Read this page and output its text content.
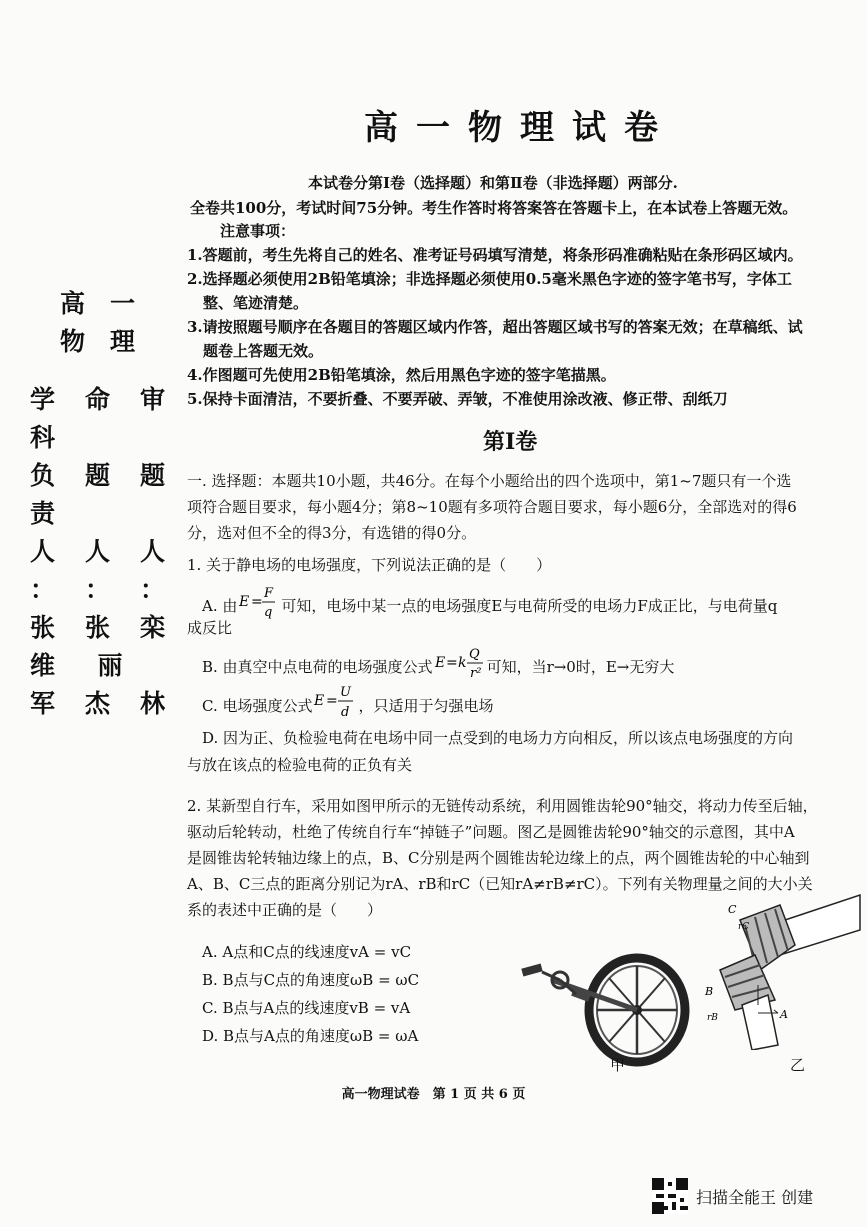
高一物理试卷
本试卷分第Ⅰ卷（选择题）和第Ⅱ卷（非选择题）两部分.
全卷共100分，考试时间75分钟。考生作答时将答案答在答题卡上，在本试卷上答题无效。
注意事项：
1.答题前，考生先将自己的姓名、准考证号码填写清楚，将条形码准确粘贴在条形码区域内。
2.选择题必须使用2B铅笔填涂；非选择题必须使用0.5毫米黑色字迹的签字笔书写，字体工
整、笔迹清楚。
3.请按照题号顺序在各题目的答题区域内作答，超出答题区域书写的答案无效；在草稿纸、试
题卷上答题无效。
4.作图题可先使用2B铅笔填涂，然后用黑色字迹的签字笔描黑。
5.保持卡面清洁，不要折叠、不要弄破、弄皱，不准使用涂改液、修正带、刮纸刀
高 一
物 理
学 命 审
科
负 题 题
责
人 人 人
： ： ：
张 张 栾
维 丽
军 杰 林
第Ⅰ卷
一. 选择题：本题共10小题，共46分。在每个小题给出的四个选项中，第1~7题只有一个选
项符合题目要求，每小题4分；第8~10题有多项符合题目要求，每小题6分，全部选对的得6
分，选对但不全的得3分，有选错的得0分。
1. 关于静电场的电场强度，下列说法正确的是（　　）
A. 由 E =
F
q 可知，电场中某一点的电场强度E与电荷所受的电场力F成正比，与电荷量q
成反比
B. 由真空中点电荷的电场强度公式 E = k
Q
r² 可知，当r→0时，E→无穷大
C. 电场强度公式 E =
U
d ，只适用于匀强电场
D. 因为正、负检验电荷在电场中同一点受到的电场力方向相反，所以该点电场强度的方向
与放在该点的检验电荷的正负有关
2. 某新型自行车，采用如图甲所示的无链传动系统，利用圆锥齿轮90°轴交，将动力传至后轴，
驱动后轮转动，杜绝了传统自行车“掉链子”问题。图乙是圆锥齿轮90°轴交的示意图，其中A
是圆锥齿轮转轴边缘上的点，B、C分别是两个圆锥齿轮边缘上的点，两个圆锥齿轮的中心轴到
A、B、C三点的距离分别记为rA、rB和rC（已知rA≠rB≠rC）。下列有关物理量之间的大小关
系的表述中正确的是（　　）
A. A点和C点的线速度vA = vC
B. B点与C点的角速度ωB = ωC
C. B点与A点的线速度vB = vA
D. B点与A点的角速度ωB = ωA
甲
C
rC
B
rB	A
乙
高一物理试卷　第 1 页 共 6 页
扫描全能王 创建
